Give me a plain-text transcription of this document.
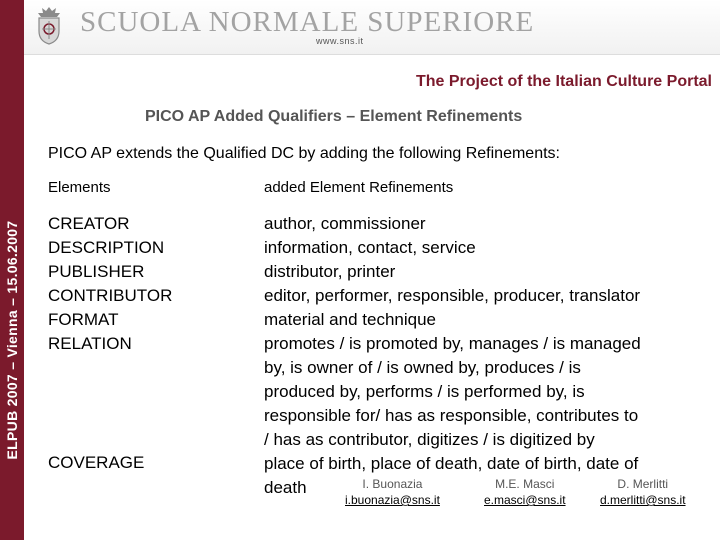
ELPUB 2007 – Vienna – 15.06.2007
SCUOLA NORMALE SUPERIORE
www.sns.it
The Project of the Italian Culture Portal
PICO AP Added Qualifiers – Element Refinements
PICO AP extends the Qualified DC by adding the following Refinements:
Elements	added Element Refinements
CREATOR
DESCRIPTION
PUBLISHER
CONTRIBUTOR
FORMAT
RELATION
COVERAGE
author, commissioner
information, contact, service
distributor, printer
editor, performer, responsible, producer, translator
material and technique
promotes / is promoted by, manages / is managed
by, is owner of / is owned by, produces / is
produced by, performs / is performed by, is
responsible for/ has as responsible, contributes to
/ has as contributor, digitizes / is digitized by
place of birth, place of death, date of birth, date of
death	I. Buonazia
i.buonazia@sns.it
M.E. Masci
e.masci@sns.it
D. Merlitti
d.merlitti@sns.it
